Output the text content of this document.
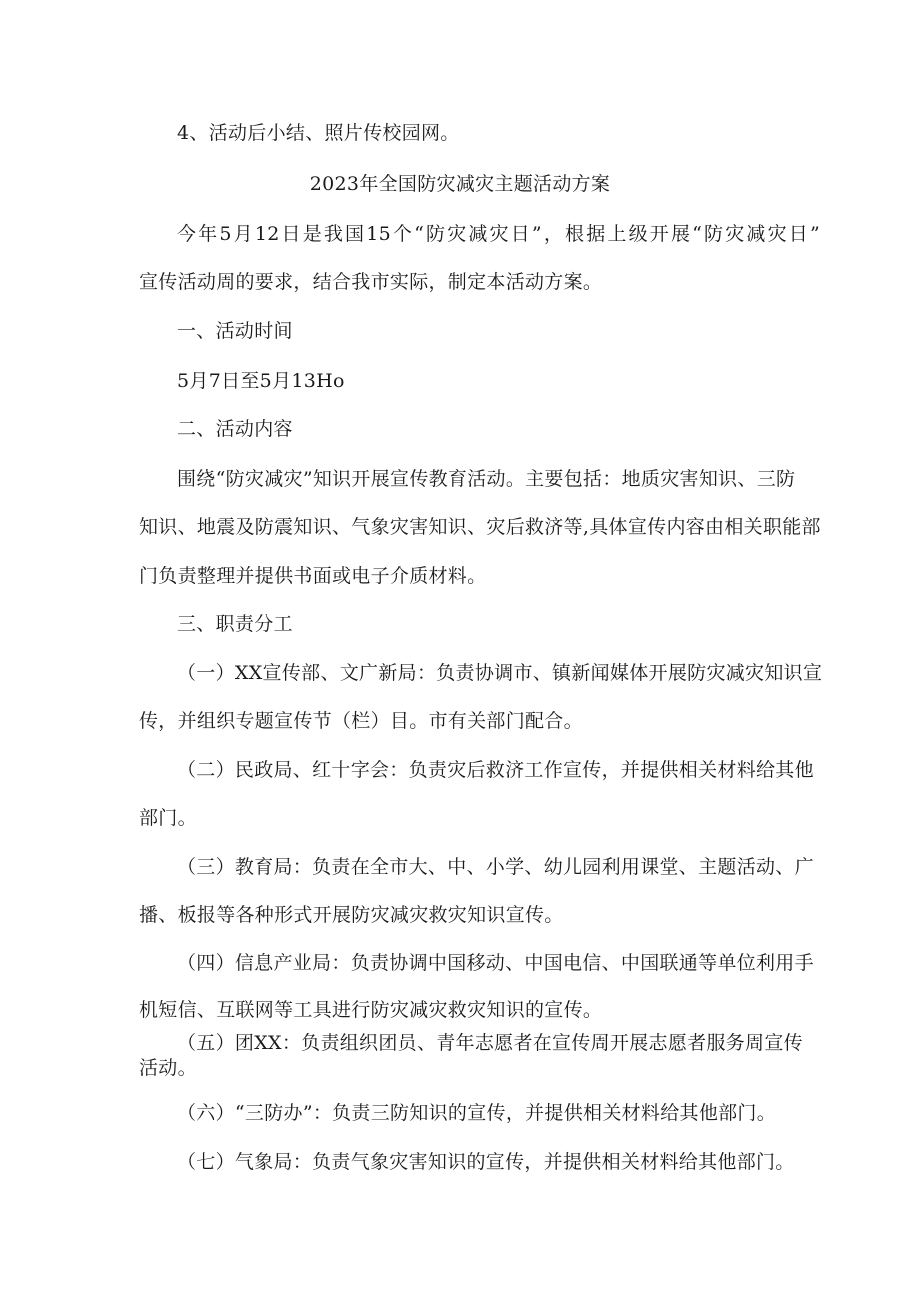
4、活动后小结、照片传校园网。
2023年全国防灾减灾主题活动方案
今年5月12日是我国15个“防灾减灾日”，根据上级开展“防灾减灾日”
宣传活动周的要求，结合我市实际，制定本活动方案。
一、活动时间
5月7日至5月13Ho
二、活动内容
围绕“防灾减灾”知识开展宣传教育活动。主要包括：地质灾害知识、三防
知识、地震及防震知识、气象灾害知识、灾后救济等,具体宣传内容由相关职能部
门负责整理并提供书面或电子介质材料。
三、职责分工
（一）XX宣传部、文广新局：负责协调市、镇新闻媒体开展防灾减灾知识宣
传，并组织专题宣传节（栏）目。市有关部门配合。
（二）民政局、红十字会：负责灾后救济工作宣传，并提供相关材料给其他
部门。
（三）教育局：负责在全市大、中、小学、幼儿园利用课堂、主题活动、广
播、板报等各种形式开展防灾减灾救灾知识宣传。
（四）信息产业局：负责协调中国移动、中国电信、中国联通等单位利用手
机短信、互联网等工具进行防灾减灾救灾知识的宣传。
（五）团XX：负责组织团员、青年志愿者在宣传周开展志愿者服务周宣传
活动。
（六）“三防办”：负责三防知识的宣传，并提供相关材料给其他部门。
（七）气象局：负责气象灾害知识的宣传，并提供相关材料给其他部门。
